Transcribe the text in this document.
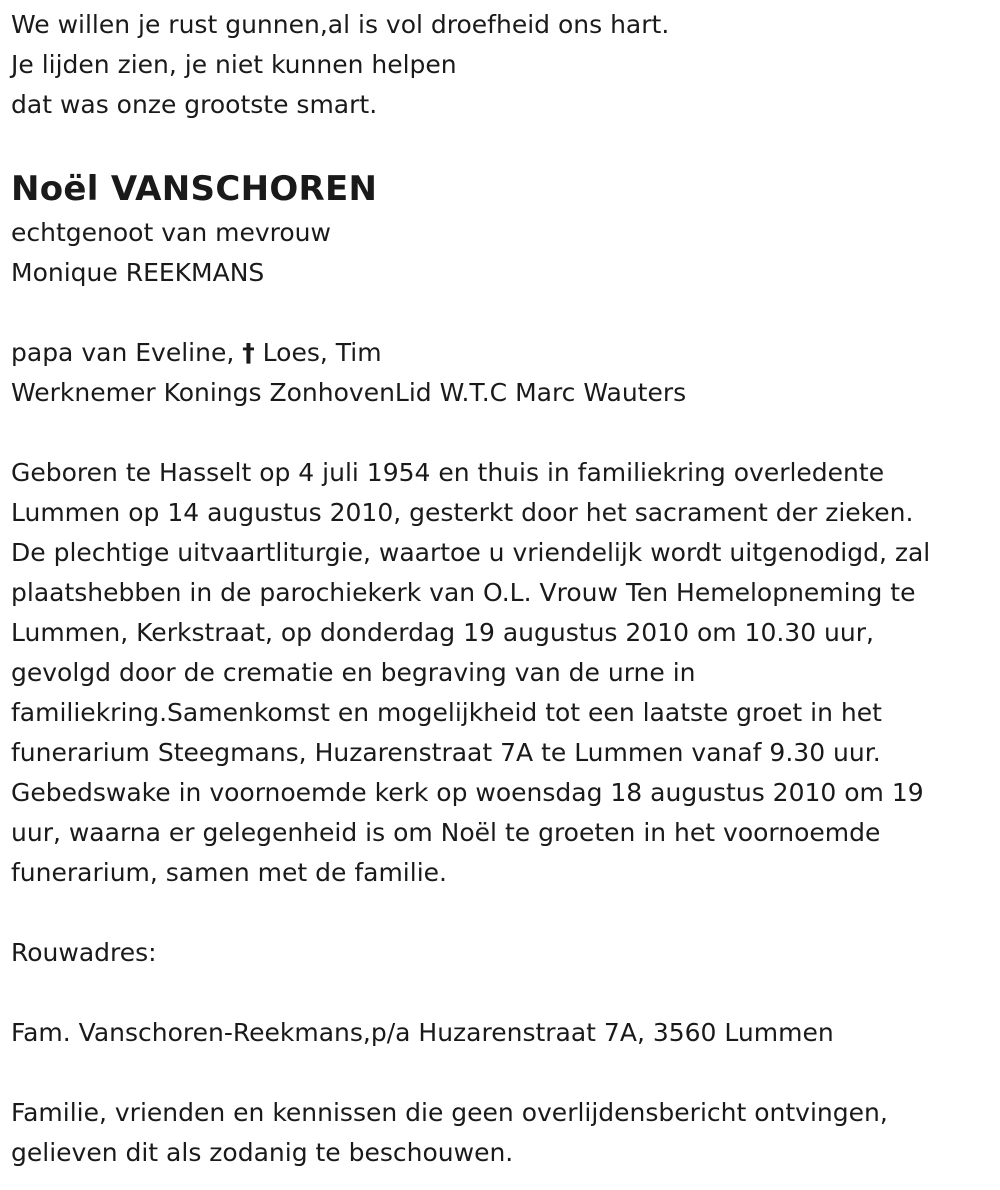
We willen je rust gunnen,al is vol droefheid ons hart.
Je lijden zien, je niet kunnen helpen
dat was onze grootste smart.
Noël VANSCHOREN
echtgenoot van mevrouw
Monique REEKMANS
papa van Eveline, † Loes, Tim
Werknemer Konings ZonhovenLid W.T.C Marc Wauters
Geboren te Hasselt op 4 juli 1954 en thuis in familiekring overledente
Lummen op 14 augustus 2010, gesterkt door het sacrament der zieken.
De plechtige uitvaartliturgie, waartoe u vriendelijk wordt uitgenodigd, zal
plaatshebben in de parochiekerk van O.L. Vrouw Ten Hemelopneming te
Lummen, Kerkstraat, op donderdag 19 augustus 2010 om 10.30 uur,
gevolgd door de crematie en begraving van de urne in
familiekring.Samenkomst en mogelijkheid tot een laatste groet in het
funerarium Steegmans, Huzarenstraat 7A te Lummen vanaf 9.30 uur.
Gebedswake in voornoemde kerk op woensdag 18 augustus 2010 om 19
uur, waarna er gelegenheid is om Noël te groeten in het voornoemde
funerarium, samen met de familie.
Rouwadres:
Fam. Vanschoren-Reekmans,p/a Huzarenstraat 7A, 3560 Lummen
Familie, vrienden en kennissen die geen overlijdensbericht ontvingen,
gelieven dit als zodanig te beschouwen.
